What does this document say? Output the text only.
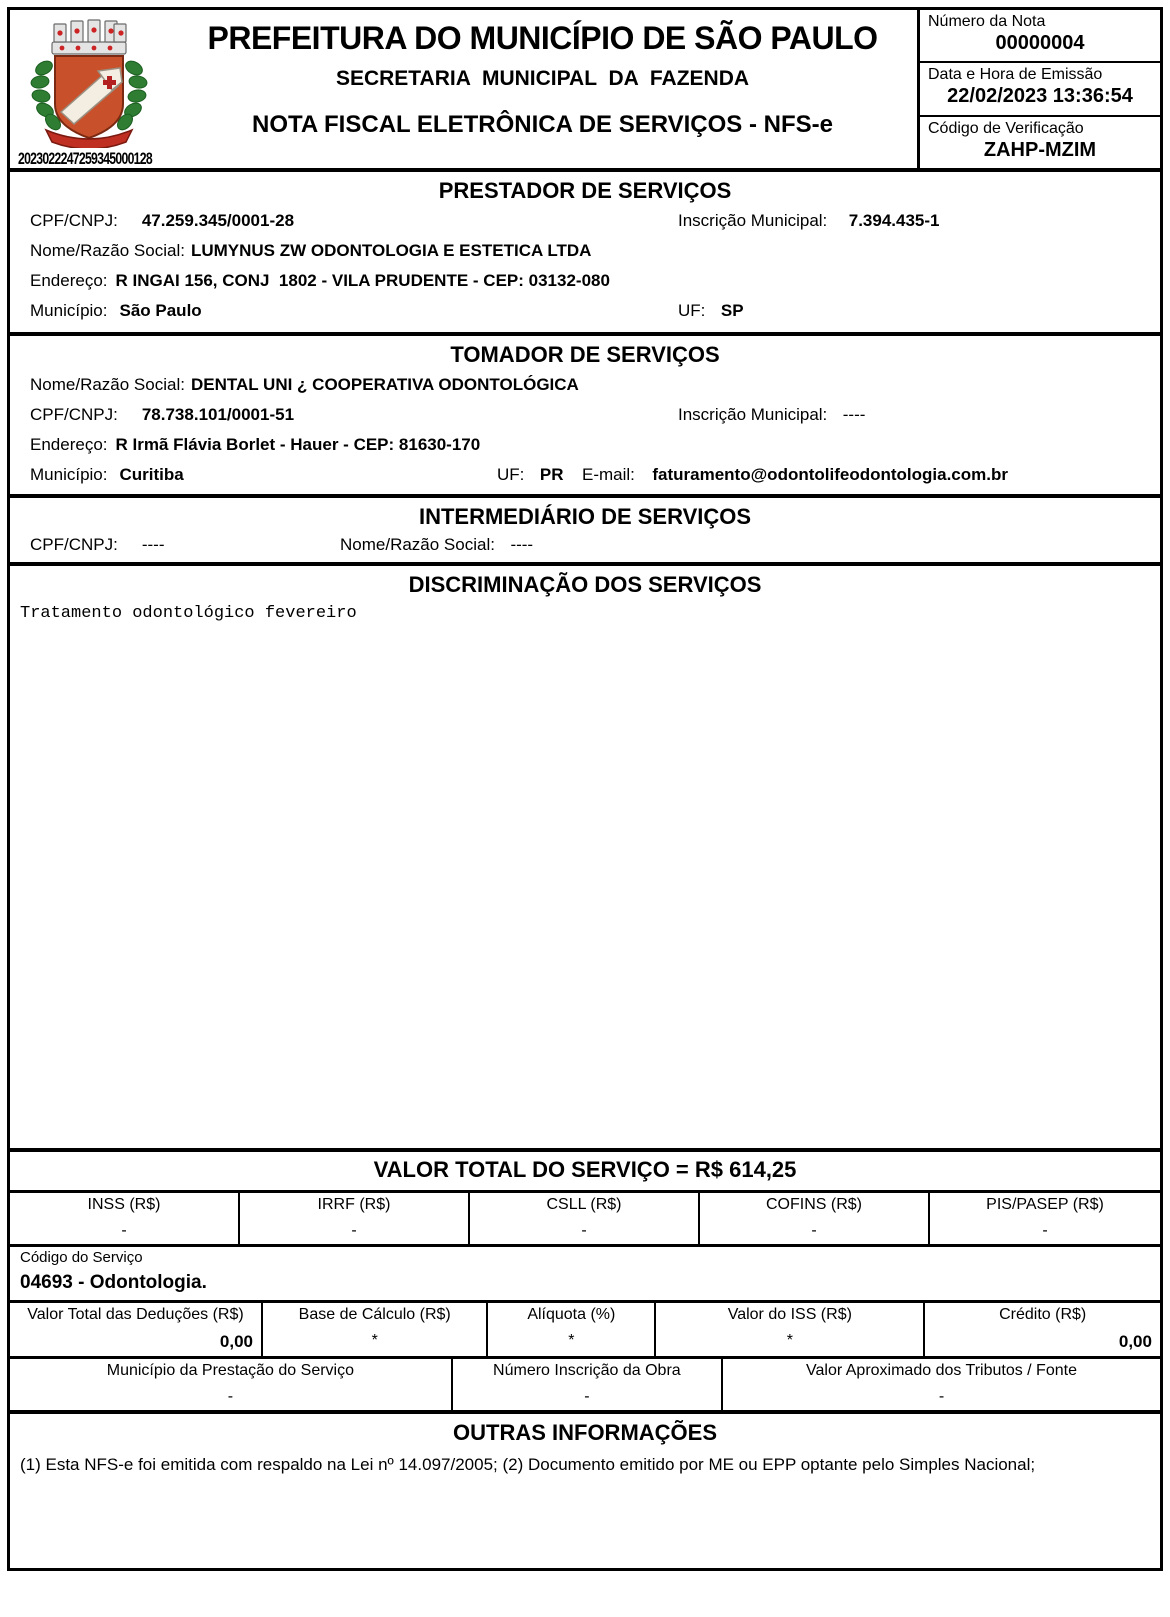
2023022247259345000128
PREFEITURA DO MUNICÍPIO DE SÃO PAULO
SECRETARIA MUNICIPAL DA FAZENDA
NOTA FISCAL ELETRÔNICA DE SERVIÇOS - NFS-e
Número da Nota
00000004
Data e Hora de Emissão
22/02/2023 13:36:54
Código de Verificação
ZAHP-MZIM
PRESTADOR DE SERVIÇOS
CPF/CNPJ: 47.259.345/0001-28	Inscrição Municipal: 7.394.435-1
Nome/Razão Social: LUMYNUS ZW ODONTOLOGIA E ESTETICA LTDA
Endereço: R INGAI 156, CONJ  1802 - VILA PRUDENTE - CEP: 03132-080
Município: São Paulo	UF: SP
TOMADOR DE SERVIÇOS
Nome/Razão Social: DENTAL UNI ¿ COOPERATIVA ODONTOLÓGICA
CPF/CNPJ: 78.738.101/0001-51	Inscrição Municipal: ----
Endereço: R Irmã Flávia Borlet - Hauer - CEP: 81630-170
Município: Curitiba	UF: PR E-mail: faturamento@odontolifeodontologia.com.br
INTERMEDIÁRIO DE SERVIÇOS
CPF/CNPJ: ----	Nome/Razão Social: ----
DISCRIMINAÇÃO DOS SERVIÇOS
Tratamento odontológico fevereiro
VALOR TOTAL DO SERVIÇO = R$ 614,25
INSS (R$)
-
IRRF (R$)
-
CSLL (R$)
-
COFINS (R$)
-
PIS/PASEP (R$)
-
Código do Serviço
04693 - Odontologia.
Valor Total das Deduções (R$)
0,00
Base de Cálculo (R$)
*
Alíquota (%)
*
Valor do ISS (R$)
*
Crédito (R$)
0,00
Município da Prestação do Serviço
-
Número Inscrição da Obra
-
Valor Aproximado dos Tributos / Fonte
-
OUTRAS INFORMAÇÕES
(1) Esta NFS-e foi emitida com respaldo na Lei nº 14.097/2005; (2) Documento emitido por ME ou EPP optante pelo Simples Nacional;
